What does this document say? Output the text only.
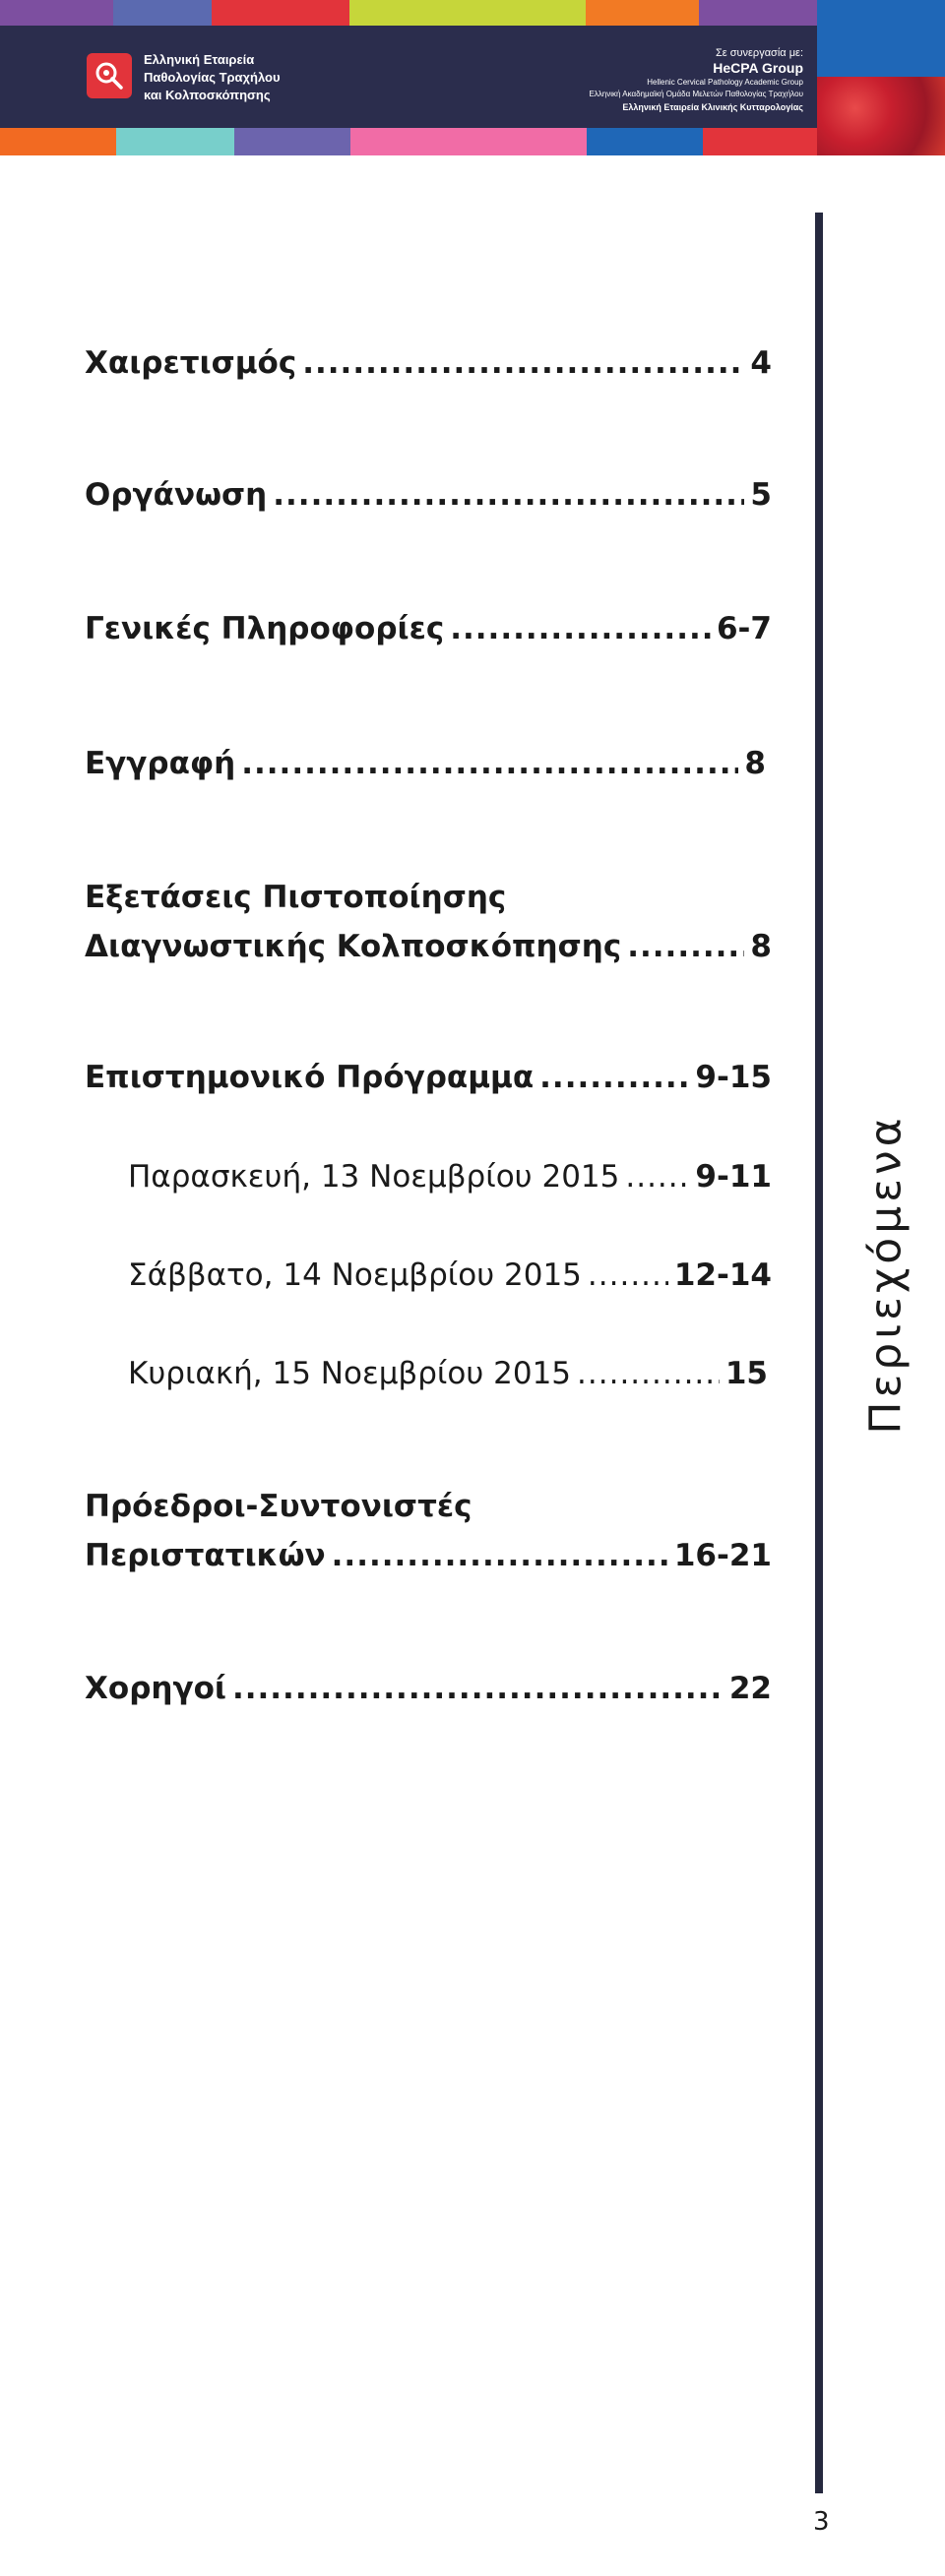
Ελληνική Εταιρεία
Παθολογίας Τραχήλου
και Κολποσκόπησης
Σε συνεργασία με:
HeCPA Group
Hellenic Cervical Pathology Academic Group
Ελληνική Ακαδημαϊκή Ομάδα Μελετών Παθολογίας Τραχήλου
Ελληνική Εταιρεία Κλινικής Κυτταρολογίας
Χαιρετισμός .....	4
Οργάνωση .....	5
Γενικές Πληροφορίες .....	6-7
Εγγραφή .....	8
Εξετάσεις Πιστοποίησης
Διαγνωστικής Κολποσκόπησης .....	8
Επιστημονικό Πρόγραμμα .....	9-15
Παρασκευή, 13 Νοεμβρίου 2015 ..... 9-11
Σάββατο, 14 Νοεμβρίου 2015 .....	12-14
Κυριακή, 15 Νοεμβρίου 2015 .....	15
Πρόεδροι-Συντονιστές
Περιστατικών .....	16-21
Χορηγοί .....	22
Περιεχόμενα
3
